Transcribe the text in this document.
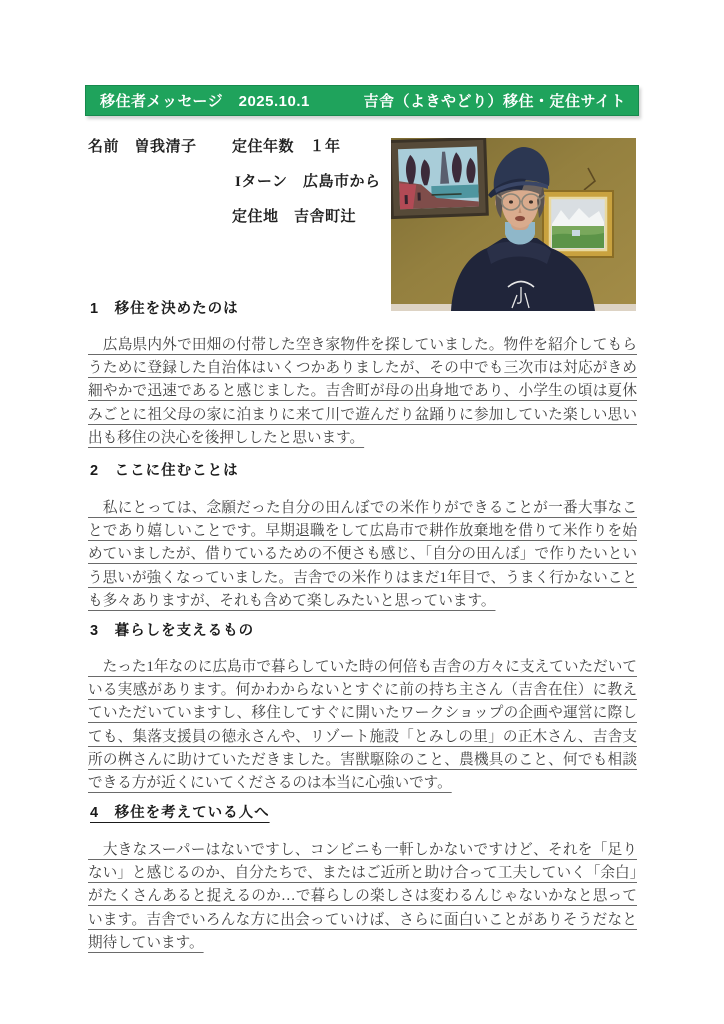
移住者メッセージ　2025.10.1	吉舎（よきやどり）移住・定住サイト
名前　曽我清子 定住年数　１年
Iターン　広島市から
定住地　吉舎町辻
1　移住を決めたのは

　広島県内外で田畑の付帯した空き家物件を探していました。物件を紹介してもらうために登録した自治体はいくつかありましたが、その中でも三次市は対応がきめ細やかで迅速であると感じました。吉舎町が母の出身地であり、小学生の頃は夏休みごとに祖父母の家に泊まりに来て川で遊んだり盆踊りに参加していた楽しい思い出も移住の決心を後押ししたと思います。

2　ここに住むことは

　私にとっては、念願だった自分の田んぼでの米作りができることが一番大事なことであり嬉しいことです。早期退職をして広島市で耕作放棄地を借りて米作りを始めていましたが、借りているための不便さも感じ、「自分の田んぼ」で作りたいという思いが強くなっていました。吉舎での米作りはまだ1年目で、うまく行かないことも多々ありますが、それも含めて楽しみたいと思っています。

3　暮らしを支えるもの

　たった1年なのに広島市で暮らしていた時の何倍も吉舎の方々に支えていただいている実感があります。何かわからないとすぐに前の持ち主さん（吉舎在住）に教えていただいていますし、移住してすぐに開いたワークショップの企画や運営に際しても、集落支援員の徳永さんや、リゾート施設「とみしの里」の正木さん、吉舎支所の桝さんに助けていただきました。害獣駆除のこと、農機具のこと、何でも相談できる方が近くにいてくださるのは本当に心強いです。

4　移住を考えている人へ

　大きなスーパーはないですし、コンビニも一軒しかないですけど、それを「足りない」と感じるのか、自分たちで、またはご近所と助け合って工夫していく「余白」がたくさんあると捉えるのか…で暮らしの楽しさは変わるんじゃないかなと思っています。吉舎でいろんな方に出会っていけば、さらに面白いことがありそうだなと期待しています。
